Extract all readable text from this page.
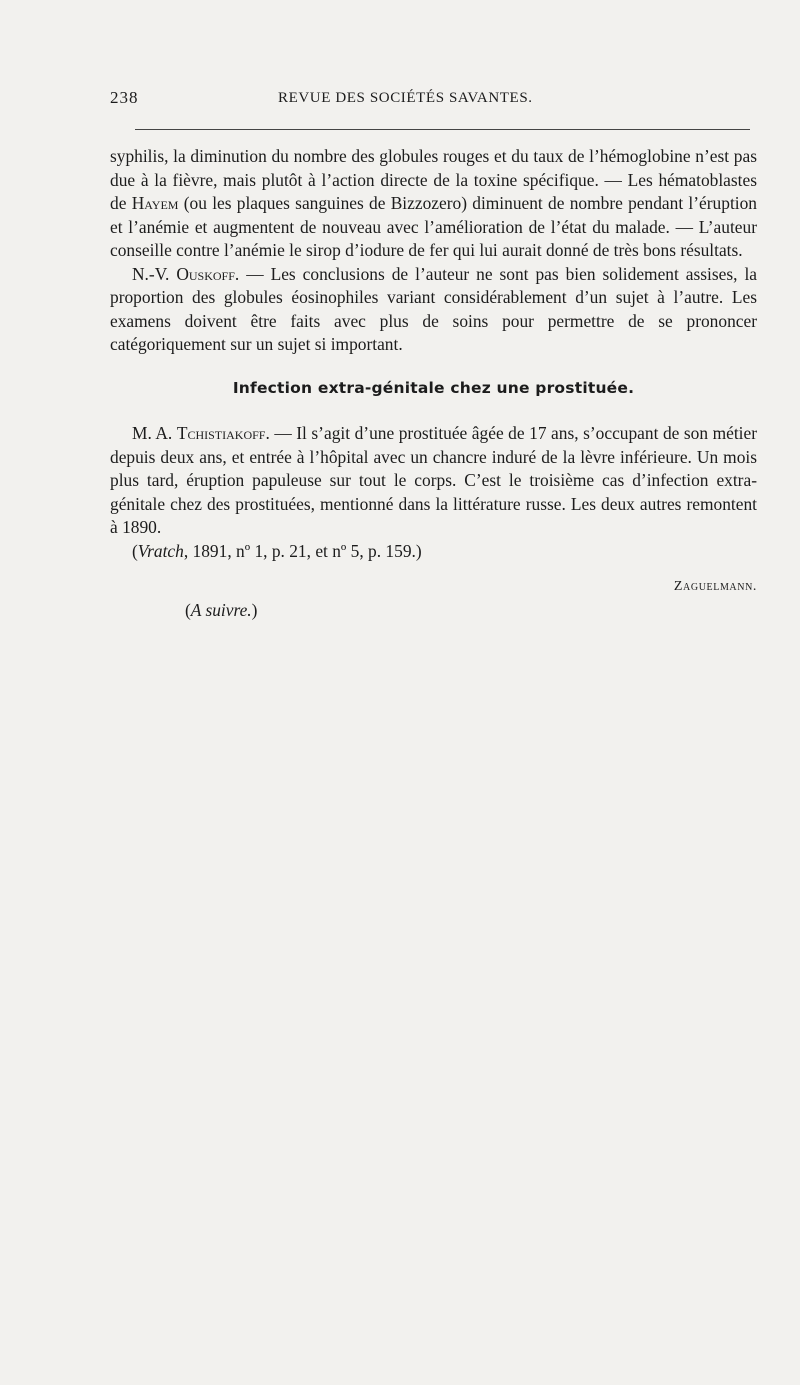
238	REVUE DES SOCIÉTÉS SAVANTES.

syphilis, la diminution du nombre des globules rouges et du taux de l’hémoglobine n’est pas due à la fièvre, mais plutôt à l’action directe de la toxine spécifique. — Les hématoblastes de Hayem (ou les plaques sanguines de Bizzozero) diminuent de nombre pendant l’éruption et l’anémie et augmentent de nouveau avec l’amélioration de l’état du malade. — L’auteur conseille contre l’anémie le sirop d’iodure de fer qui lui aurait donné de très bons résultats.

N.-V. Ouskoff. — Les conclusions de l’auteur ne sont pas bien solidement assises, la proportion des globules éosinophiles variant considérablement d’un sujet à l’autre. Les examens doivent être faits avec plus de soins pour permettre de se prononcer catégoriquement sur un sujet si important.

Infection extra-génitale chez une prostituée.

M. A. Tchistiakoff. — Il s’agit d’une prostituée âgée de 17 ans, s’occupant de son métier depuis deux ans, et entrée à l’hôpital avec un chancre induré de la lèvre inférieure. Un mois plus tard, éruption papuleuse sur tout le corps. C’est le troisième cas d’infection extra-génitale chez des prostituées, mentionné dans la littérature russe. Les deux autres remontent à 1890.

(Vratch, 1891, nº 1, p. 21, et nº 5, p. 159.)

Zaguelmann.

(A suivre.)
